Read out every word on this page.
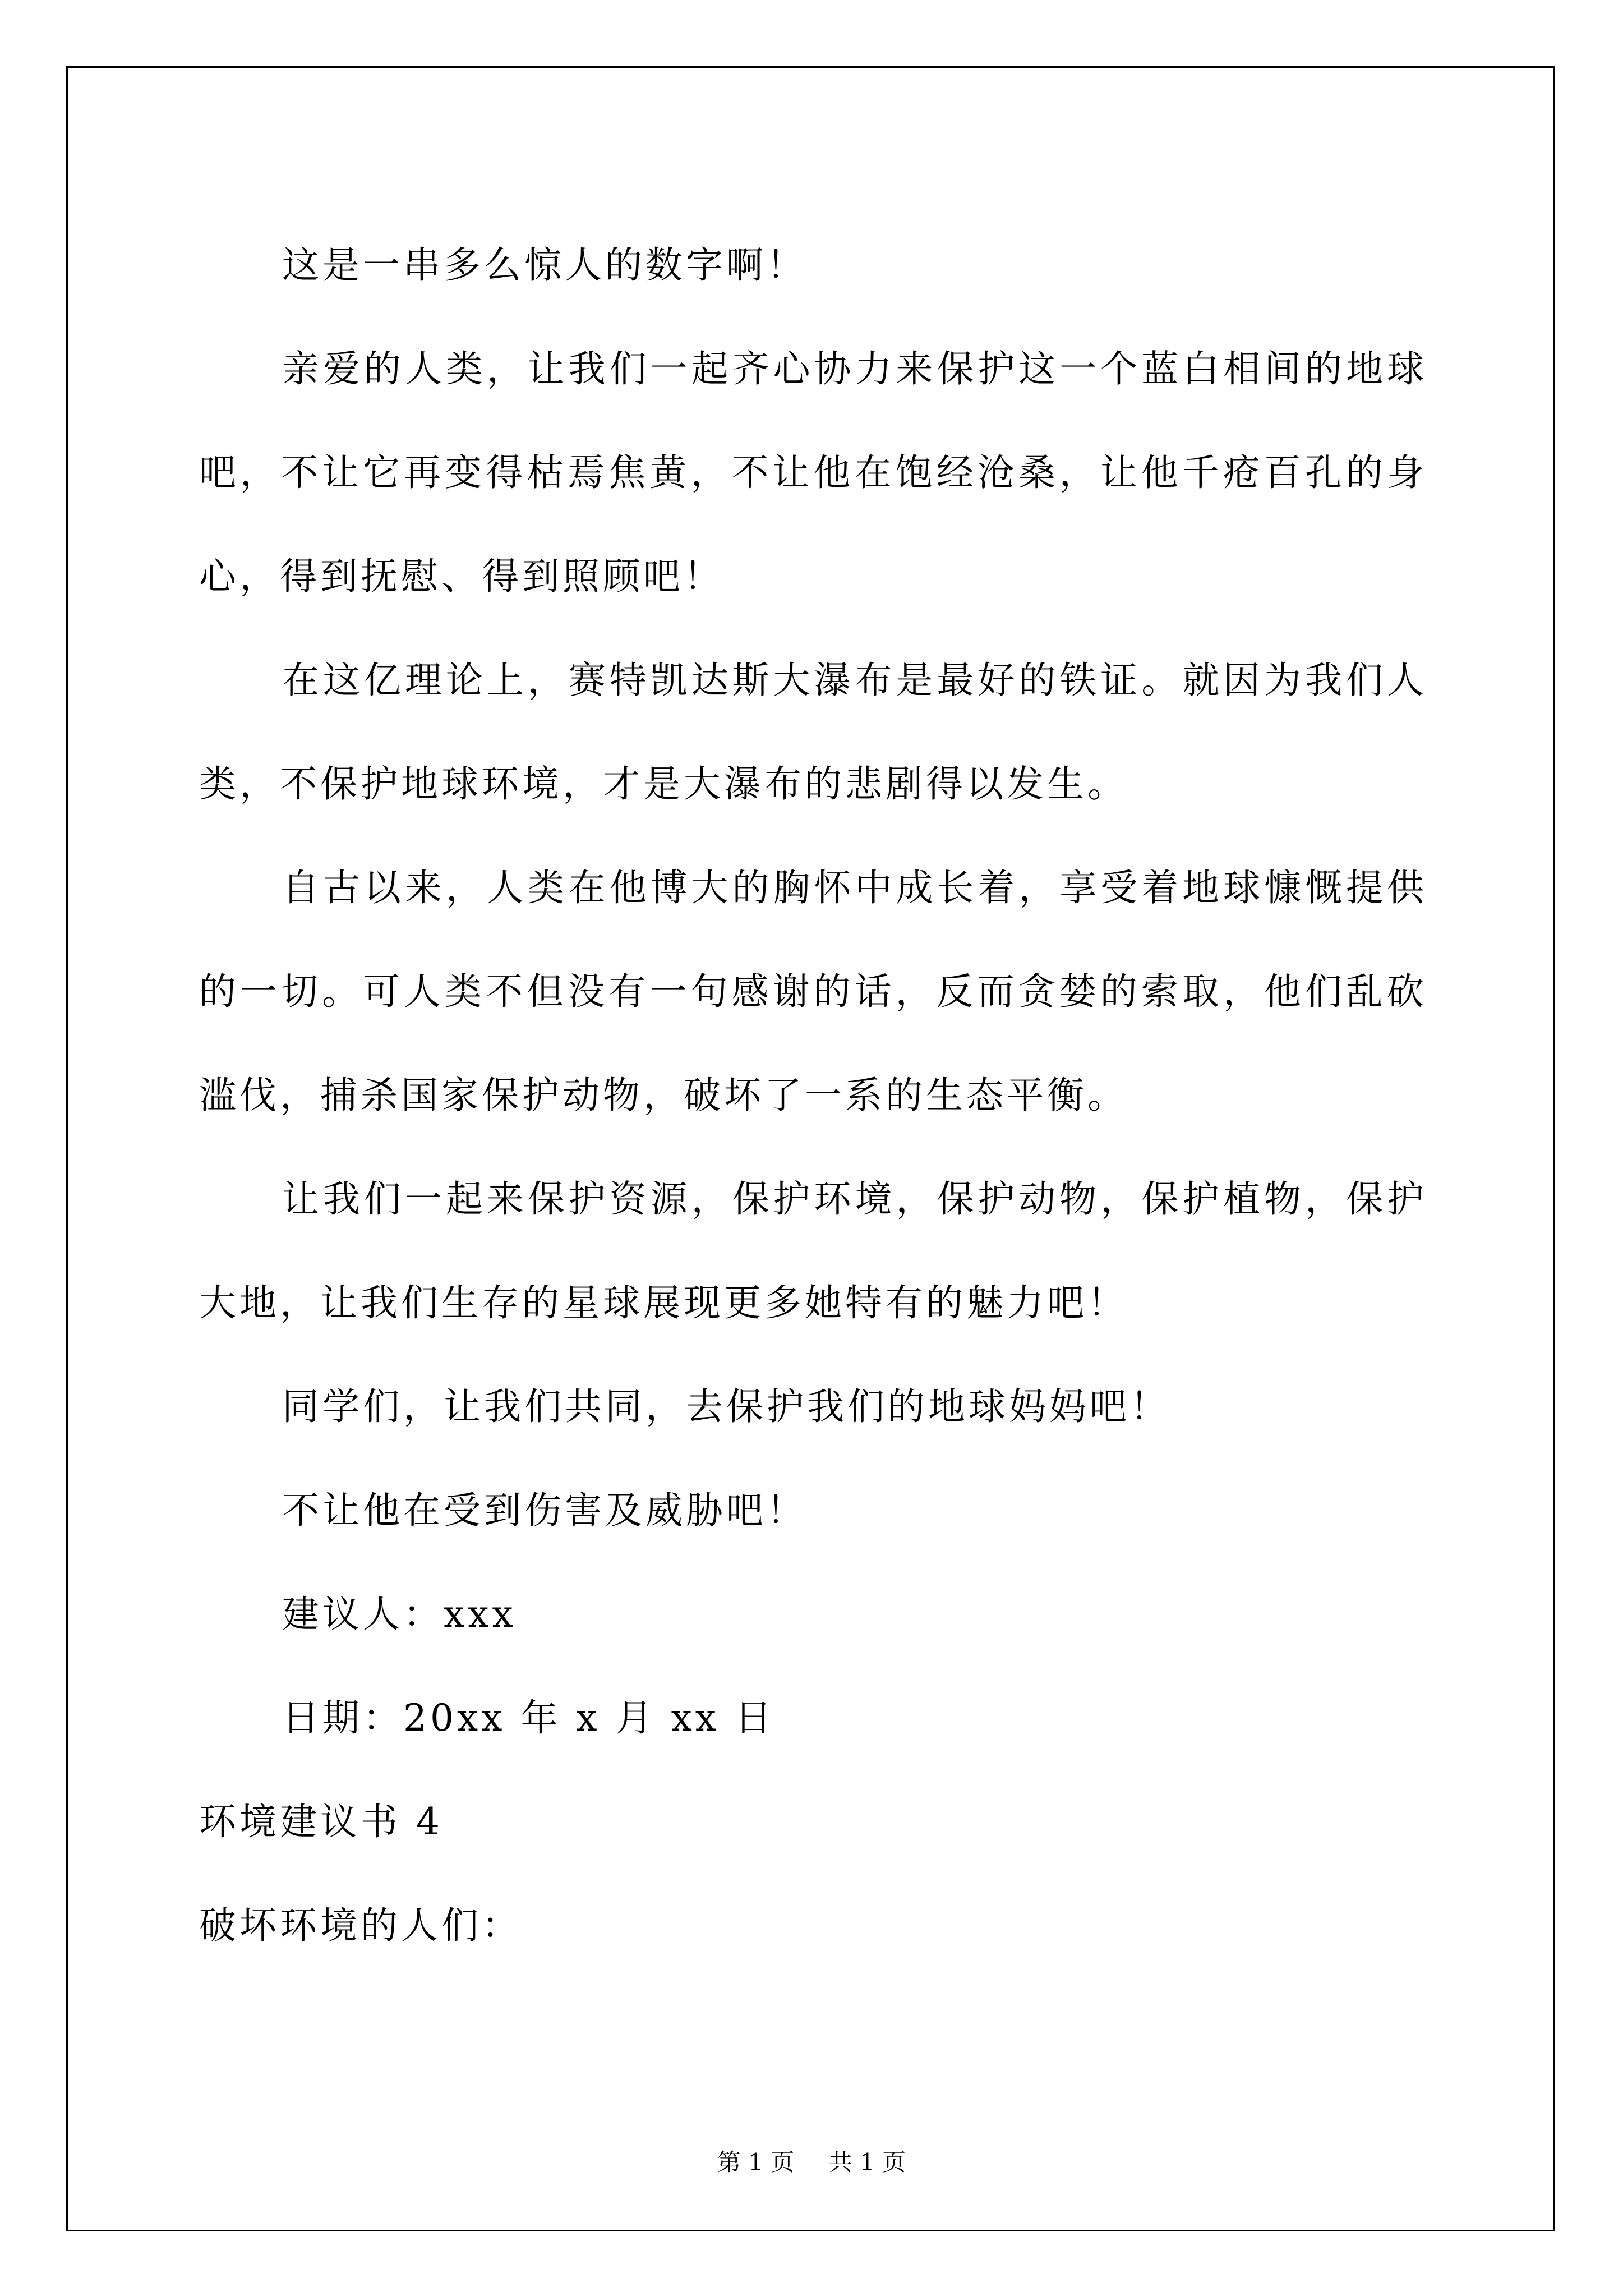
这是一串多么惊人的数字啊！

亲爱的人类，让我们一起齐心协力来保护这一个蓝白相间的地球吧，不让它再变得枯焉焦黄，不让他在饱经沧桑，让他千疮百孔的身心，得到抚慰、得到照顾吧！

在这亿理论上，赛特凯达斯大瀑布是最好的铁证。就因为我们人类，不保护地球环境，才是大瀑布的悲剧得以发生。

自古以来，人类在他博大的胸怀中成长着，享受着地球慷慨提供的一切。可人类不但没有一句感谢的话，反而贪婪的索取，他们乱砍滥伐，捕杀国家保护动物，破坏了一系的生态平衡。

让我们一起来保护资源，保护环境，保护动物，保护植物，保护大地，让我们生存的星球展现更多她特有的魅力吧！

同学们，让我们共同，去保护我们的地球妈妈吧！

不让他在受到伤害及威胁吧！

建议人：xxx

日期：20xx 年 x 月 xx 日

环境建议书 4

破坏环境的人们：

第 1 页 共 1 页
